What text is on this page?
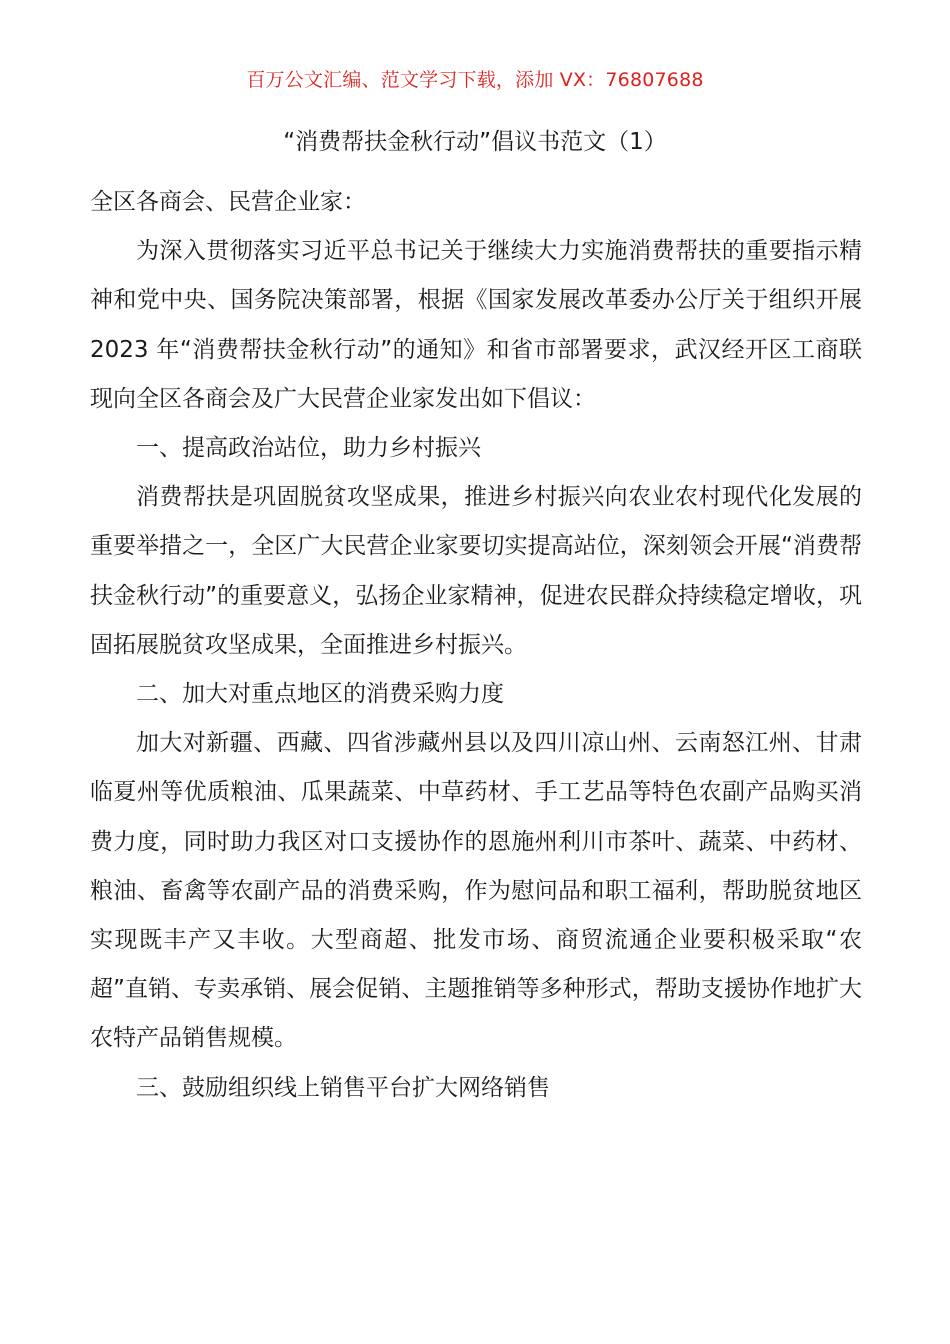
百万公文汇编、范文学习下载，添加 VX：76807688
“消费帮扶金秋行动”倡议书范文（1）

全区各商会、民营企业家：

为深入贯彻落实习近平总书记关于继续大力实施消费帮扶的重要指示精神和党中央、国务院决策部署，根据《国家发展改革委办公厅关于组织开展 2023 年“消费帮扶金秋行动”的通知》和省市部署要求，武汉经开区工商联现向全区各商会及广大民营企业家发出如下倡议：

一、提高政治站位，助力乡村振兴

消费帮扶是巩固脱贫攻坚成果，推进乡村振兴向农业农村现代化发展的重要举措之一，全区广大民营企业家要切实提高站位，深刻领会开展“消费帮扶金秋行动”的重要意义，弘扬企业家精神，促进农民群众持续稳定增收，巩固拓展脱贫攻坚成果，全面推进乡村振兴。

二、加大对重点地区的消费采购力度

加大对新疆、西藏、四省涉藏州县以及四川凉山州、云南怒江州、甘肃临夏州等优质粮油、瓜果蔬菜、中草药材、手工艺品等特色农副产品购买消费力度，同时助力我区对口支援协作的恩施州利川市茶叶、蔬菜、中药材、粮油、畜禽等农副产品的消费采购，作为慰问品和职工福利，帮助脱贫地区实现既丰产又丰收。大型商超、批发市场、商贸流通企业要积极采取“农超”直销、专卖承销、展会促销、主题推销等多种形式，帮助支援协作地扩大农特产品销售规模。

三、鼓励组织线上销售平台扩大网络销售
